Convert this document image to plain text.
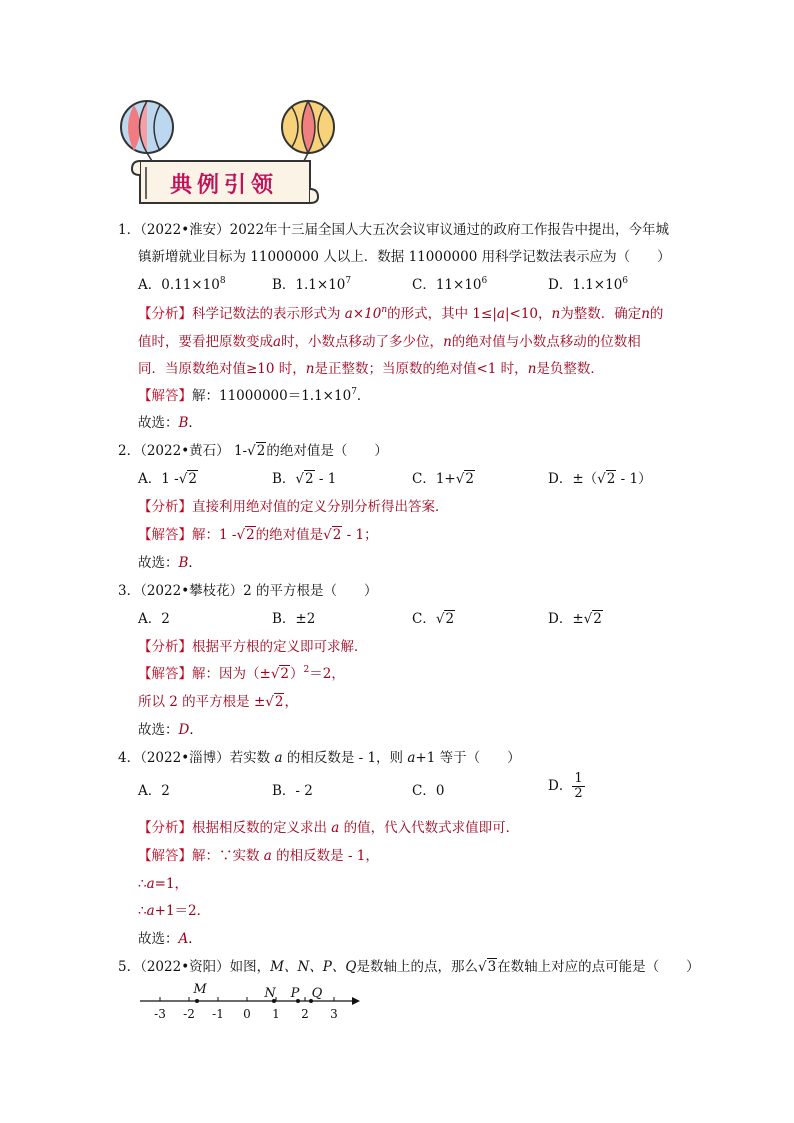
典例引领
1．（2022•淮安）2022年十三届全国人大五次会议审议通过的政府工作报告中提出，今年城
镇新增就业目标为 11000000 人以上．数据 11000000 用科学记数法表示应为（　　）
A．$0.11\times 10^8$	B．$1.1\times 10^7$	C．$11\times 10^6$	D．$1.1\times 10^6$
【分析】科学记数法的表示形式为 $a\times 10^n$的形式，其中 1≤|a|<10，n为整数．确定n的
值时，要看把原数变成a时，小数点移动了多少位，n的绝对值与小数点移动的位数相
同．当原数绝对值≥10 时，n是正整数；当原数的绝对值<1 时，n是负整数．
【解答】解：$11000000=1.1\times 10^7$．
故选：B．
2．（2022•黄石） 1-√2的绝对值是（　　）
A．1 -√2	B．√2 - 1	C．1+√2	D．±（√2 - 1）
【分析】直接利用绝对值的定义分别分析得出答案．
【解答】解：1 -√2的绝对值是√2 - 1；
故选：B．
3．（2022•攀枝花）2 的平方根是（　　）
A．2	B．±2	C．√2	D．±√2
【分析】根据平方根的定义即可求解．
【解答】解：因为$(\pm√2)^2=2$，
所以 2 的平方根是 ±√2，
故选：D．
4．（2022•淄博）若实数 a 的相反数是 - 1，则 a+1 等于（　　）
A．2	B．- 2	C．0	D． $\frac{1}{2}$
【分析】根据相反数的定义求出 a 的值，代入代数式求值即可．
【解答】解：∵实数 a 的相反数是 - 1，
∴a=1，
∴a+1＝2．
故选：A．
5．（2022•资阳）如图，M、N、P、Q是数轴上的点，那么√3在数轴上对应的点可能是（　　）
-3 -2 -1 0 1 2 3
M	N P Q
